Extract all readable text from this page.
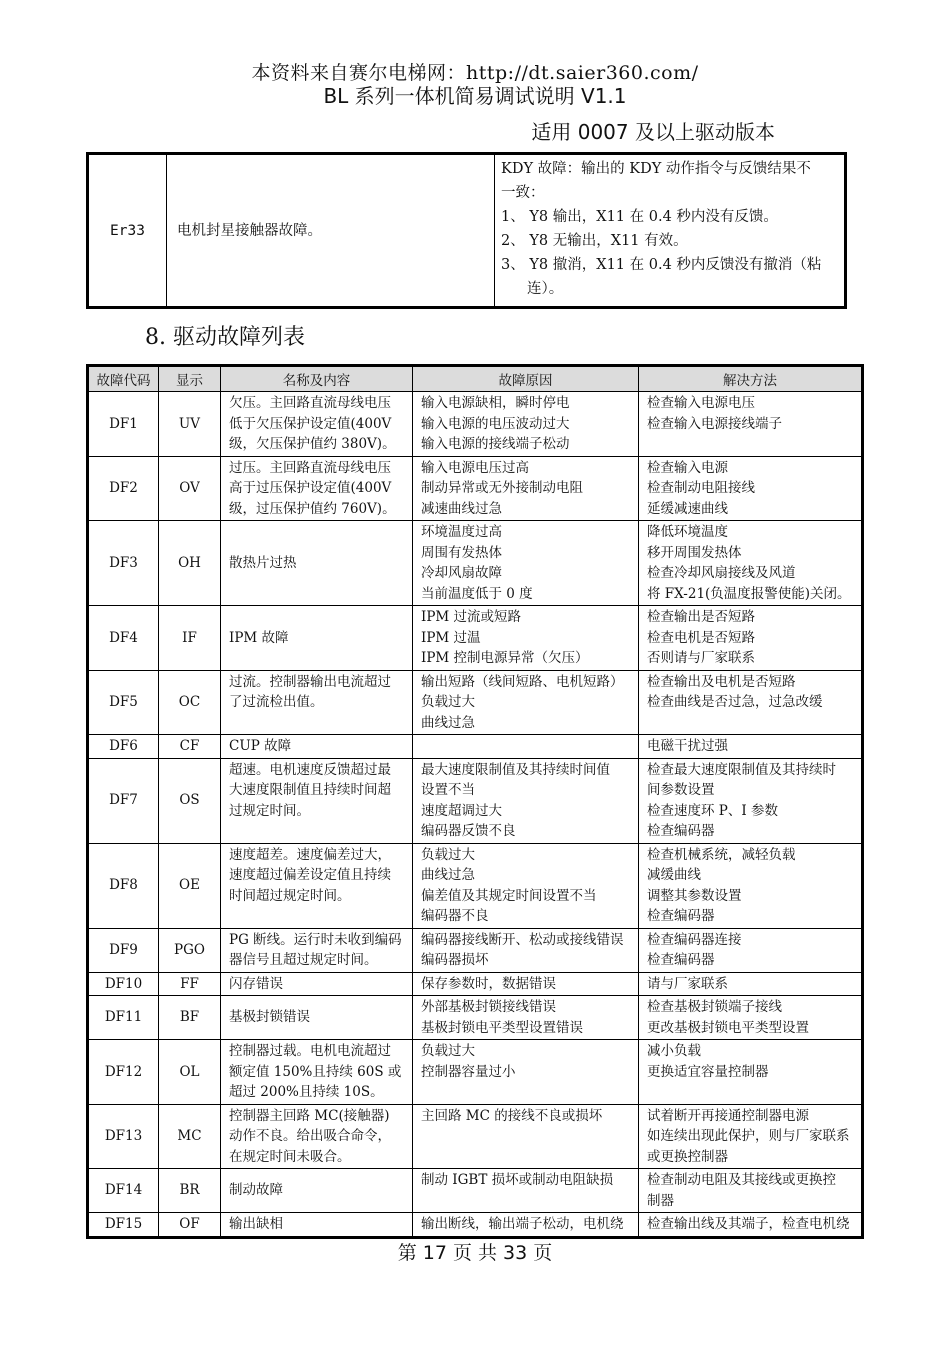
本资料来自赛尔电梯网：http://dt.saier360.com/
BL 系列一体机简易调试说明 V1.1
适用 0007 及以上驱动版本
Er33	电机封星接触器故障。	
KDY 故障：输出的 KDY 动作指令与反馈结果不
一致：
1、 Y8 输出，X11 在 0.4 秒内没有反馈。
2、 Y8 无输出，X11 有效。
3、 Y8 撤消，X11 在 0.4 秒内反馈没有撤消（粘
连）。
8. 驱动故障列表
故障代码	显示	名称及内容	故障原因	解决方法
DF1	UV	欠压。主回路直流母线电压
低于欠压保护设定值(400V
级，欠压保护值约 380V)。	输入电源缺相，瞬时停电
输入电源的电压波动过大
输入电源的接线端子松动	检查输入电源电压
检查输入电源接线端子

DF2	OV	过压。主回路直流母线电压
高于过压保护设定值(400V
级，过压保护值约 760V)。	输入电源电压过高
制动异常或无外接制动电阻
减速曲线过急	检查输入电源
检查制动电阻接线
延缓减速曲线

DF3	OH	散热片过热	环境温度过高
周围有发热体
冷却风扇故障
当前温度低于 0 度	降低环境温度
移开周围发热体
检查冷却风扇接线及风道
将 FX-21(负温度报警使能)关闭。

DF4	IF	IPM 故障	IPM 过流或短路
IPM 过温
IPM 控制电源异常（欠压）	检查输出是否短路
检查电机是否短路
否则请与厂家联系

DF5	OC	过流。控制器输出电流超过
了过流检出值。	输出短路（线间短路、电机短路）
负载过大
曲线过急	检查输出及电机是否短路
检查曲线是否过急，过急改缓

DF6	CF	CUP 故障		电磁干扰过强

DF7	OS	超速。电机速度反馈超过最
大速度限制值且持续时间超
过规定时间。	最大速度限制值及其持续时间值
设置不当
速度超调过大
编码器反馈不良	检查最大速度限制值及其持续时
间参数设置
检查速度环 P、I 参数
检查编码器

DF8	OE	速度超差。速度偏差过大，
速度超过偏差设定值且持续
时间超过规定时间。	负载过大
曲线过急
偏差值及其规定时间设置不当
编码器不良	检查机械系统，减轻负载
减缓曲线
调整其参数设置
检查编码器

DF9	PGO	PG 断线。运行时未收到编码
器信号且超过规定时间。	编码器接线断开、松动或接线错误
编码器损坏	检查编码器连接
检查编码器

DF10	FF	闪存错误	保存参数时，数据错误	请与厂家联系

DF11	BF	基极封锁错误	外部基极封锁接线错误
基极封锁电平类型设置错误	检查基极封锁端子接线
更改基极封锁电平类型设置

DF12	OL	控制器过载。电机电流超过
额定值 150%且持续 60S 或
超过 200%且持续 10S。	负载过大
控制器容量过小	减小负载
更换适宜容量控制器

DF13	MC	控制器主回路 MC(接触器)
动作不良。给出吸合命令，
在规定时间未吸合。	主回路 MC 的接线不良或损坏	试着断开再接通控制器电源
如连续出现此保护，则与厂家联系
或更换控制器

DF14	BR	制动故障	制动 IGBT 损坏或制动电阻缺损	检查制动电阻及其接线或更换控
制器

DF15	OF	输出缺相	输出断线，输出端子松动，电机绕	检查输出线及其端子，检查电机绕
第 17 页 共 33 页
